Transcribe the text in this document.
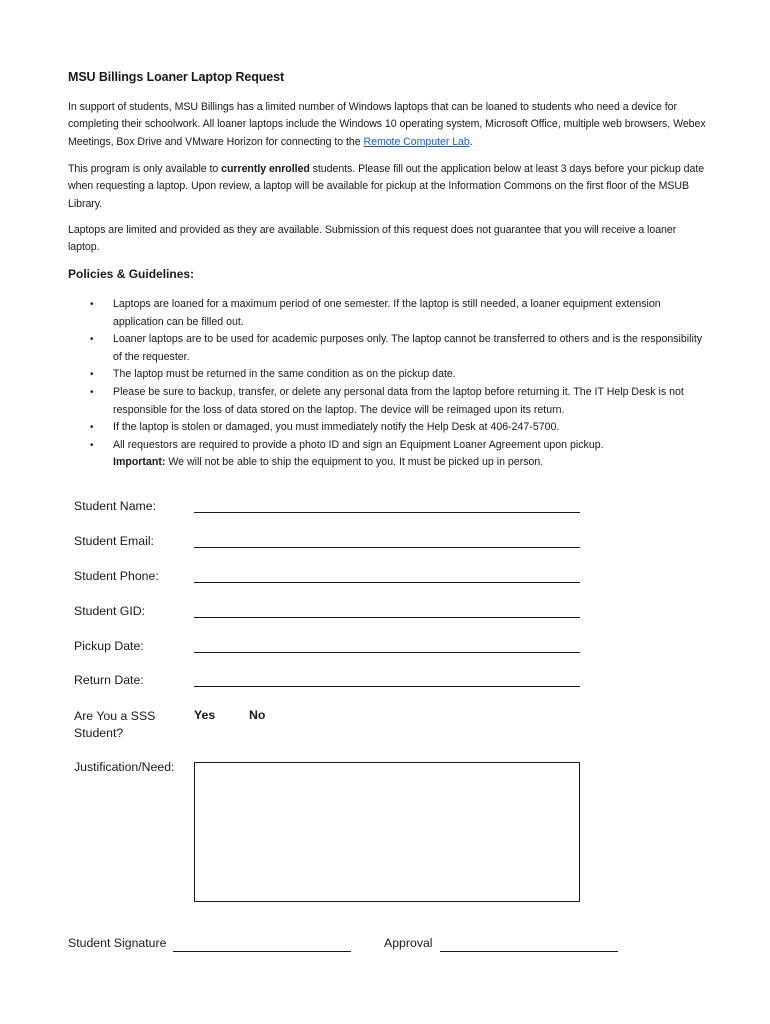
MSU Billings Loaner Laptop Request
In support of students, MSU Billings has a limited number of Windows laptops that can be loaned to students who need a device for completing their schoolwork. All loaner laptops include the Windows 10 operating system, Microsoft Office, multiple web browsers, Webex Meetings, Box Drive and VMware Horizon for connecting to the Remote Computer Lab.
This program is only available to currently enrolled students. Please fill out the application below at least 3 days before your pickup date when requesting a laptop. Upon review, a laptop will be available for pickup at the Information Commons on the first floor of the MSUB Library.
Laptops are limited and provided as they are available. Submission of this request does not guarantee that you will receive a loaner laptop.
Policies & Guidelines:
• Laptops are loaned for a maximum period of one semester. If the laptop is still needed, a loaner equipment extension application can be filled out.
• Loaner laptops are to be used for academic purposes only. The laptop cannot be transferred to others and is the responsibility of the requester.
• The laptop must be returned in the same condition as on the pickup date.
• Please be sure to backup, transfer, or delete any personal data from the laptop before returning it. The IT Help Desk is not responsible for the loss of data stored on the laptop. The device will be reimaged upon its return.
• If the laptop is stolen or damaged, you must immediately notify the Help Desk at 406-247-5700.
• All requestors are required to provide a photo ID and sign an Equipment Loaner Agreement upon pickup.
Important: We will not be able to ship the equipment to you. It must be picked up in person.
Student Name:
Student Email:
Student Phone:
Student GID:
Pickup Date:
Return Date:
Are You a SSS
Student?
Yes	No
Justification/Need:
Student Signature	Approval
